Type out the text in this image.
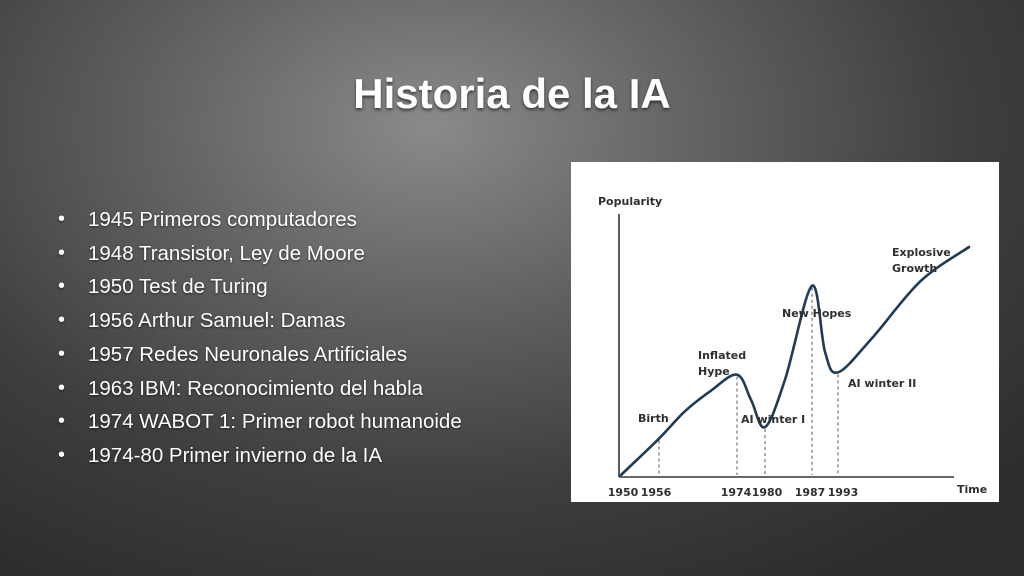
Historia de la IA
• 1945 Primeros computadores
• 1948 Transistor, Ley de Moore
• 1950 Test de Turing
• 1956 Arthur Samuel: Damas
• 1957 Redes Neuronales Artificiales
• 1963 IBM: Reconocimiento del habla
• 1974 WABOT 1: Primer robot humanoide
• 1974-80 Primer invierno de la IA
Popularity
Time
1950 1956	1974 1980 1987 1993
Birth
Inflated
Hype
AI winter I
New Hopes
AI winter II
Explosive
Growth
